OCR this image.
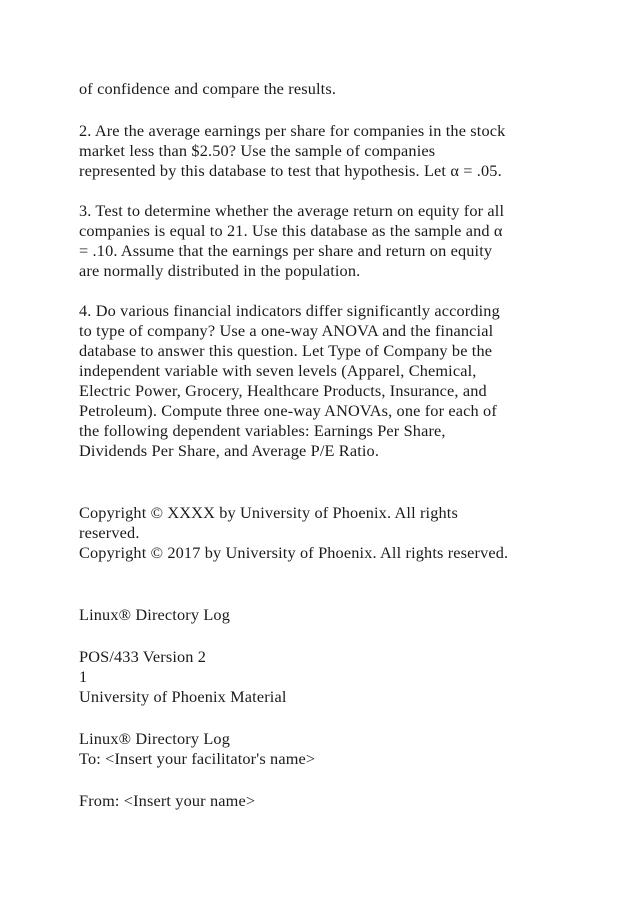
of confidence and compare the results.
2. Are the average earnings per share for companies in the stock
market less than $2.50? Use the sample of companies
represented by this database to test that hypothesis. Let α = .05.
3. Test to determine whether the average return on equity for all
companies is equal to 21. Use this database as the sample and α
= .10. Assume that the earnings per share and return on equity
are normally distributed in the population.
4. Do various financial indicators differ significantly according
to type of company? Use a one-way ANOVA and the financial
database to answer this question. Let Type of Company be the
independent variable with seven levels (Apparel, Chemical,
Electric Power, Grocery, Healthcare Products, Insurance, and
Petroleum). Compute three one-way ANOVAs, one for each of
the following dependent variables: Earnings Per Share,
Dividends Per Share, and Average P/E Ratio.
Copyright © XXXX by University of Phoenix. All rights
reserved.
Copyright © 2017 by University of Phoenix. All rights reserved.
Linux® Directory Log
POS/433 Version 2
1
University of Phoenix Material
Linux® Directory Log
To: <Insert your facilitator's name>
From: <Insert your name>
